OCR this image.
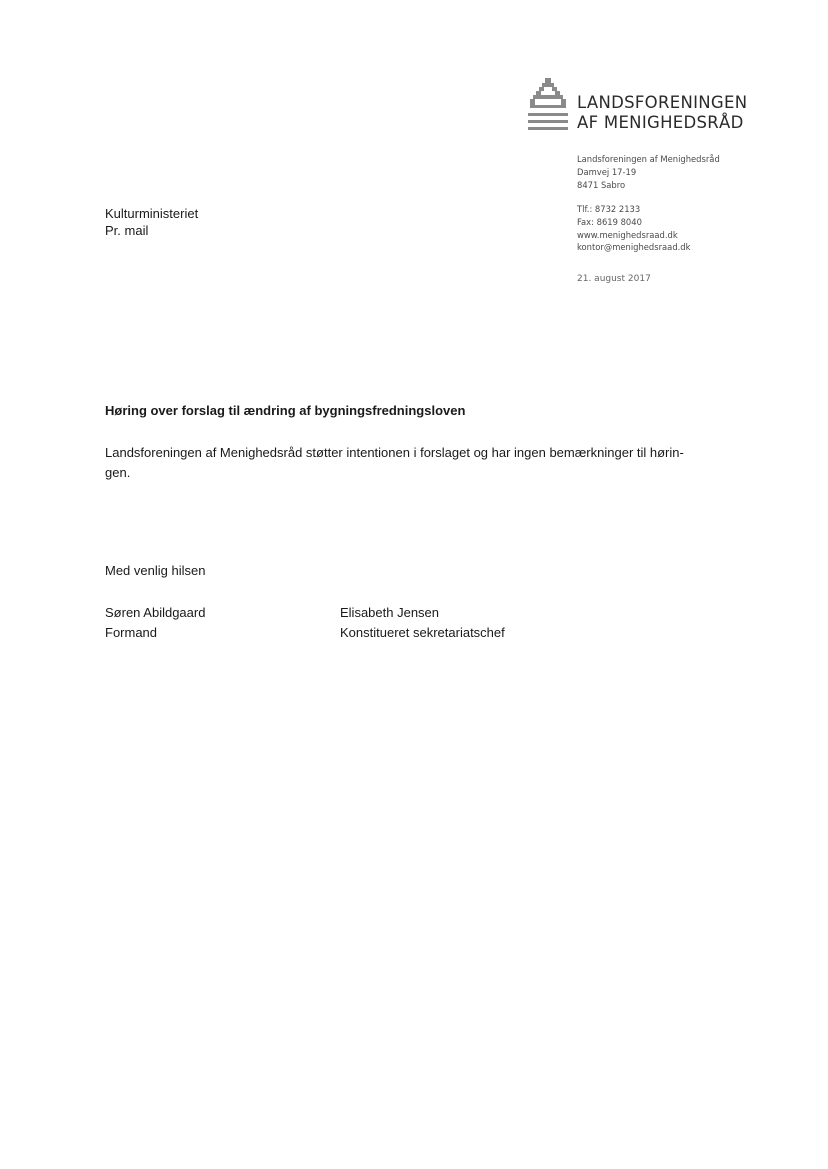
LANDSFORENINGEN
AF MENIGHEDSRÅD
Landsforeningen af Menighedsråd
Damvej 17-19
8471 Sabro
Tlf.: 8732 2133
Fax: 8619 8040
www.menighedsraad.dk
kontor@menighedsraad.dk
21. august 2017
Kulturministeriet
Pr. mail
Høring over forslag til ændring af bygningsfredningsloven
Landsforeningen af Menighedsråd støtter intentionen i forslaget og har ingen bemærkninger til hørin-
gen.
Med venlig hilsen
Søren Abildgaard
Formand
Elisabeth Jensen
Konstitueret sekretariatschef
